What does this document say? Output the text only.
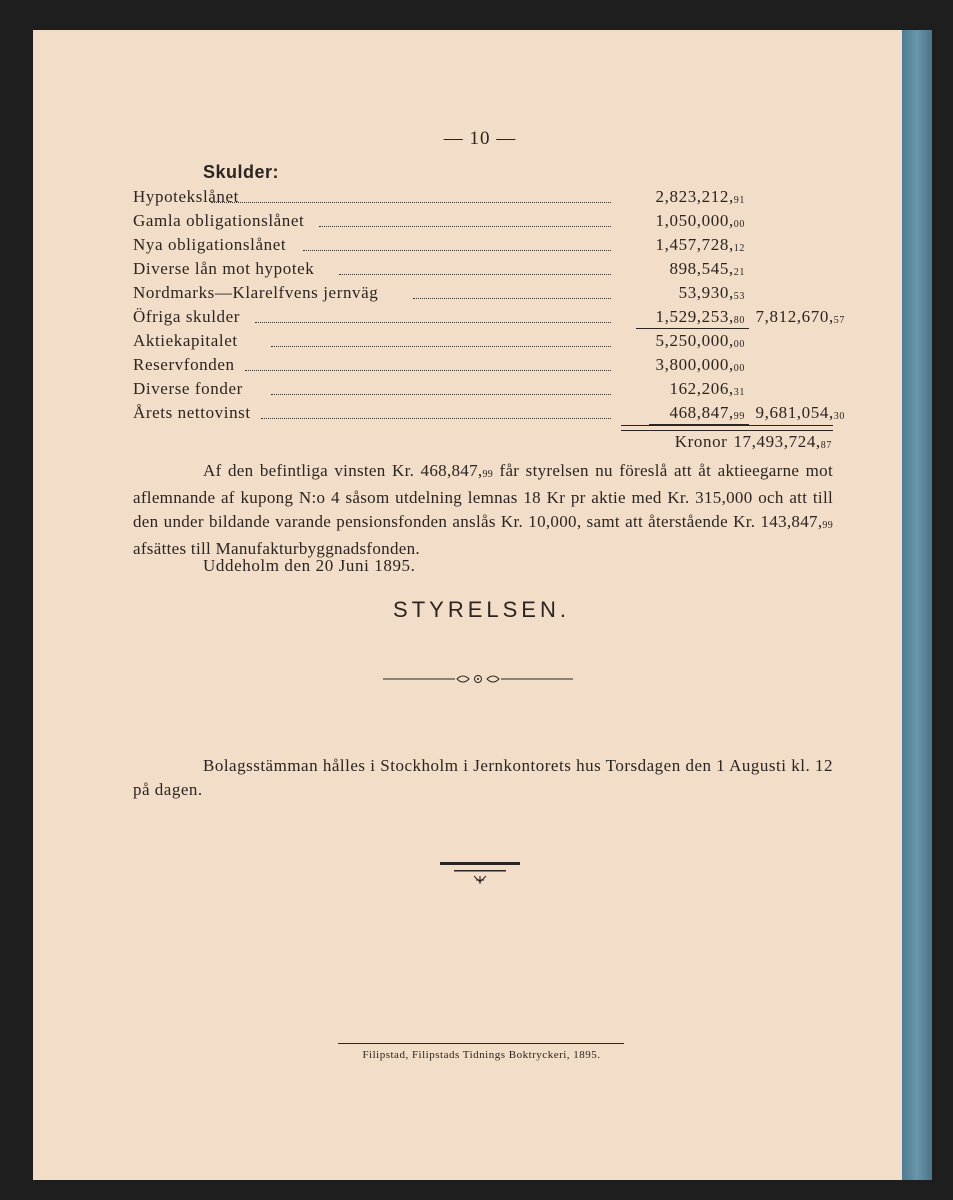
— 10 —
Skulder:
Hypotekslånet	$2,823,212,_{91}$
Gamla obligationslånet	$1,050,000,_{00}$
Nya obligationslånet	$1,457,728,_{12}$
Diverse lån mot hypotek	$898,545,_{21}$
Nordmarks—Klarelfvens jernväg	$53,930,_{53}$
Öfriga skulder	$1,529,253,_{80}$ $7,812,670,_{57}$
Aktiekapitalet	$5,250,000,_{00}$
Reservfonden	$3,800,000,_{00}$
Diverse fonder	$162,206,_{31}$
Årets nettovinst	$468,847,_{99}$ $9,681,054,_{30}$
Kronor $17,493,724,_{87}$
Af den befintliga vinsten Kr. $468,847,_{99}$ får styrelsen nu föreslå att åt aktieegarne mot aflemnande af kupong N:o 4 såsom utdelning lemnas 18 Kr pr aktie med Kr. 315,000 och att till den under bildande varande pensionsfonden anslås Kr. 10,000, samt att återstående Kr. $143,847,_{99}$ afsättes till Manufakturbyggnadsfonden.
Uddeholm den 20 Juni 1895.
STYRELSEN.
Bolagsstämman hålles i Stockholm i Jernkontorets hus Torsdagen den 1 Augusti kl. 12 på dagen.
Filipstad, Filipstads Tidnings Boktryckeri, 1895.
